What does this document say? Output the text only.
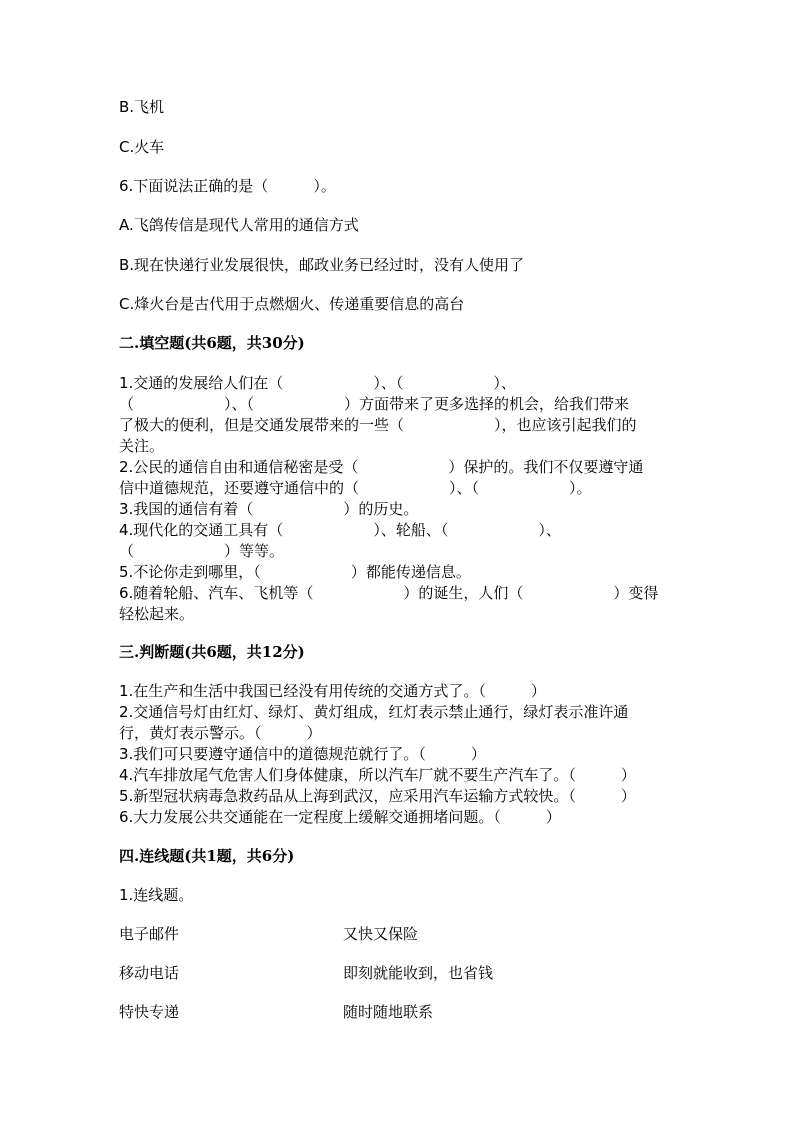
B.飞机
C.火车
6.下面说法正确的是（　　　）。
A.飞鸽传信是现代人常用的通信方式
B.现在快递行业发展很快，邮政业务已经过时，没有人使用了
C.烽火台是古代用于点燃烟火、传递重要信息的高台
二.填空题(共6题，共30分)
1.交通的发展给人们在（　　　　　　）、（　　　　　　）、
（　　　　　　）、（　　　　　　）方面带来了更多选择的机会，给我们带来
了极大的便利，但是交通发展带来的一些（　　　　　　），也应该引起我们的
关注。
2.公民的通信自由和通信秘密是受（　　　　　　）保护的。我们不仅要遵守通
信中道德规范，还要遵守通信中的（　　　　　　）、（　　　　　　）。
3.我国的通信有着（　　　　　　）的历史。
4.现代化的交通工具有（　　　　　　）、轮船、（　　　　　　）、
（　　　　　　）等等。
5.不论你走到哪里，（　　　　　　）都能传递信息。
6.随着轮船、汽车、飞机等（　　　　　　）的诞生，人们（　　　　　　）变得
轻松起来。
三.判断题(共6题，共12分)
1.在生产和生活中我国已经没有用传统的交通方式了。（　　　）
2.交通信号灯由红灯、绿灯、黄灯组成，红灯表示禁止通行，绿灯表示准许通
行，黄灯表示警示。（　　　）
3.我们可只要遵守通信中的道德规范就行了。（　　　）
4.汽车排放尾气危害人们身体健康，所以汽车厂就不要生产汽车了。（　　　）
5.新型冠状病毒急救药品从上海到武汉，应采用汽车运输方式较快。（　　　）
6.大力发展公共交通能在一定程度上缓解交通拥堵问题。（　　　）
四.连线题(共1题，共6分)
1.连线题。
电子邮件	又快又保险
移动电话	即刻就能收到，也省钱
特快专递	随时随地联系
